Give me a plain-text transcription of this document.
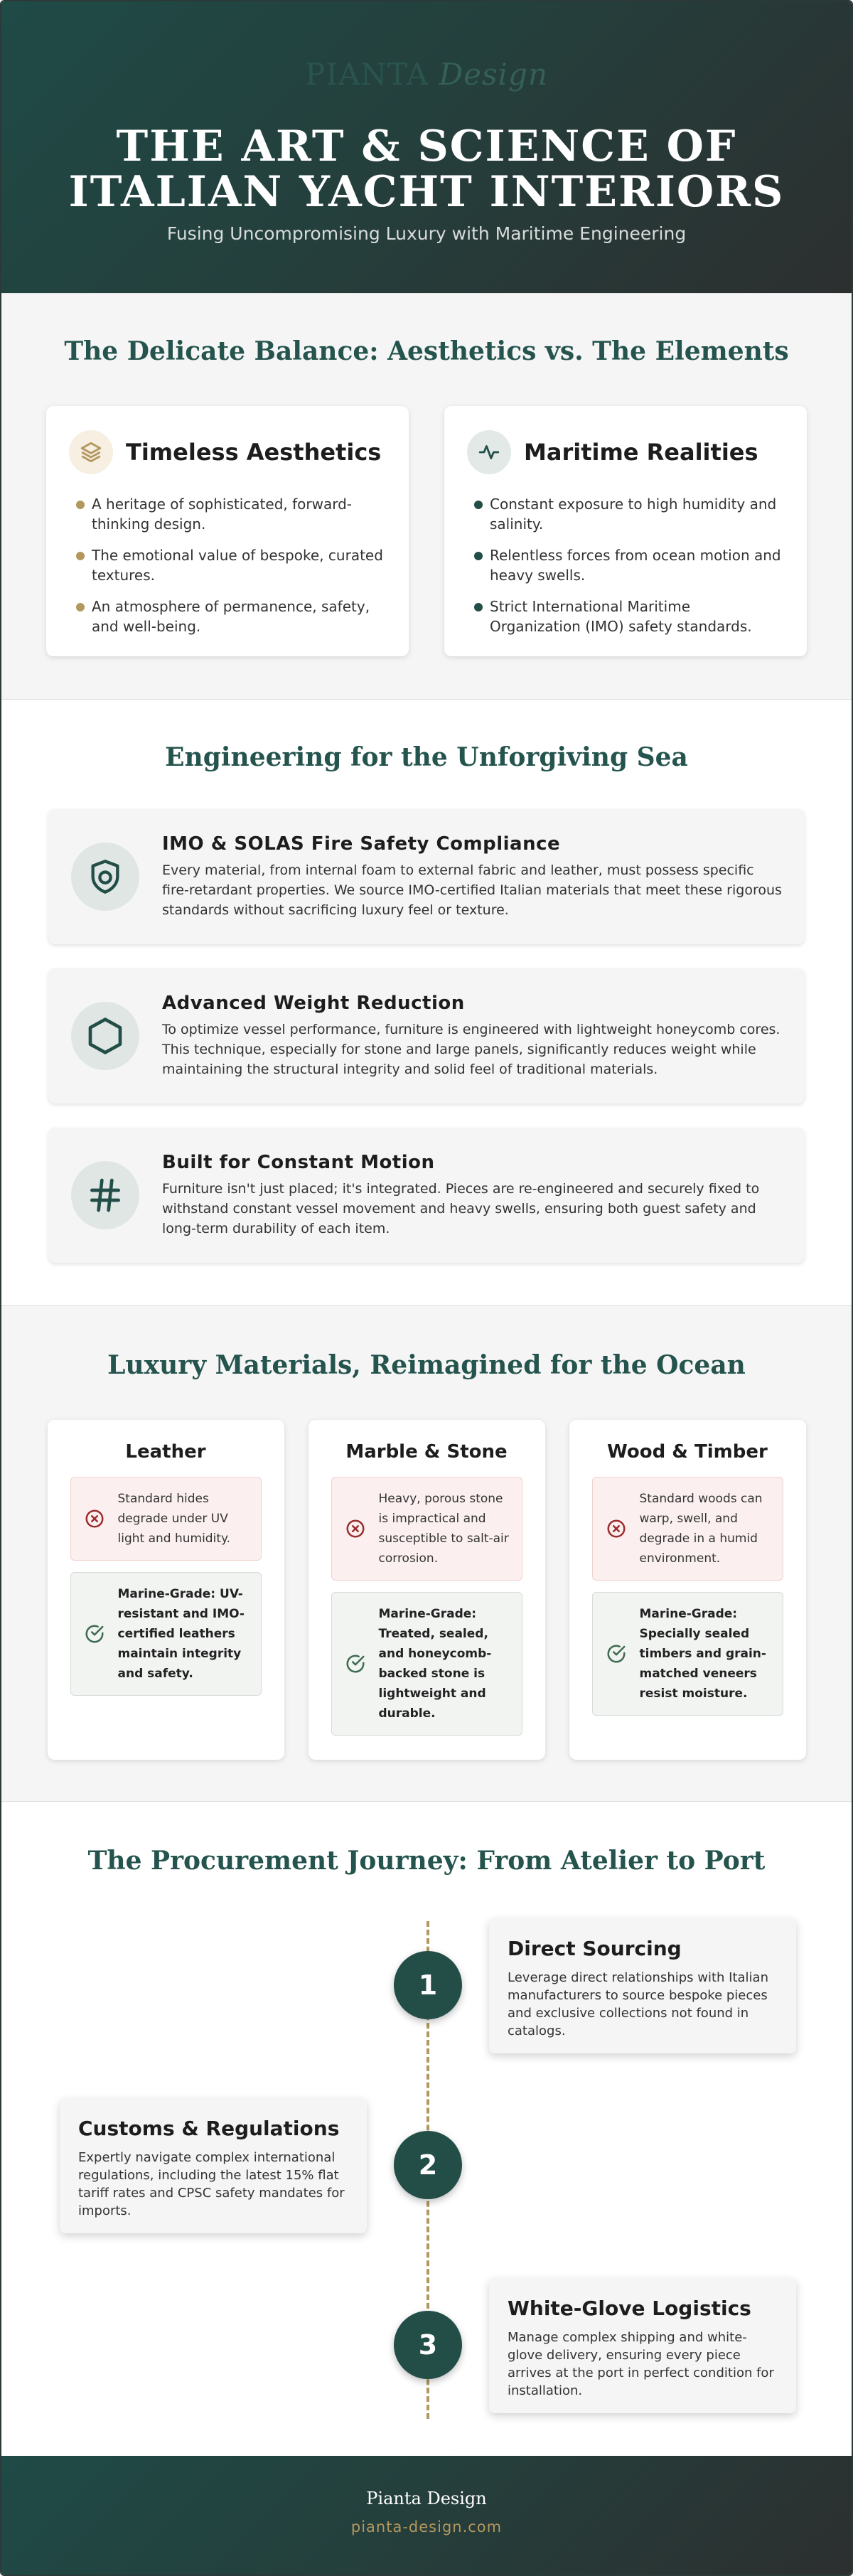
PIANTA Design
THE ART & SCIENCE OF
ITALIAN YACHT INTERIORS
Fusing Uncompromising Luxury with Maritime Engineering
The Delicate Balance: Aesthetics vs. The Elements
Timeless Aesthetics
A heritage of sophisticated, forward-thinking design.
The emotional value of bespoke, curated textures.
An atmosphere of permanence, safety, and well-being.
Maritime Realities
Constant exposure to high humidity and salinity.
Relentless forces from ocean motion and heavy swells.
Strict International Maritime Organization (IMO) safety standards.
Engineering for the Unforgiving Sea
IMO & SOLAS Fire Safety Compliance

Every material, from internal foam to external fabric and leather, must possess specific fire-retardant properties. We source IMO-certified Italian materials that meet these rigorous standards without sacrificing luxury feel or texture.

Advanced Weight Reduction

To optimize vessel performance, furniture is engineered with lightweight honeycomb cores. This technique, especially for stone and large panels, significantly reduces weight while maintaining the structural integrity and solid feel of traditional materials.

Built for Constant Motion

Furniture isn't just placed; it's integrated. Pieces are re-engineered and securely fixed to withstand constant vessel movement and heavy swells, ensuring both guest safety and long-term durability of each item.

Luxury Materials, Reimagined for the Ocean
Leather
Standard hides degrade under UV light and humidity.
Marine-Grade: UV-resistant and IMO-certified leathers maintain integrity and safety.
Marble & Stone
Heavy, porous stone is impractical and susceptible to salt-air corrosion.
Marine-Grade: Treated, sealed, and honeycomb-backed stone is lightweight and durable.
Wood & Timber
Standard woods can warp, swell, and degrade in a humid environment.
Marine-Grade: Specially sealed timbers and grain-matched veneers resist moisture.
The Procurement Journey: From Atelier to Port
1
Direct Sourcing

Leverage direct relationships with Italian manufacturers to source bespoke pieces and exclusive collections not found in catalogs.

2
Customs & Regulations

Expertly navigate complex international regulations, including the latest 15% flat tariff rates and CPSC safety mandates for imports.

3
White-Glove Logistics

Manage complex shipping and white-glove delivery, ensuring every piece arrives at the port in perfect condition for installation.

Pianta Design
pianta-design.com
